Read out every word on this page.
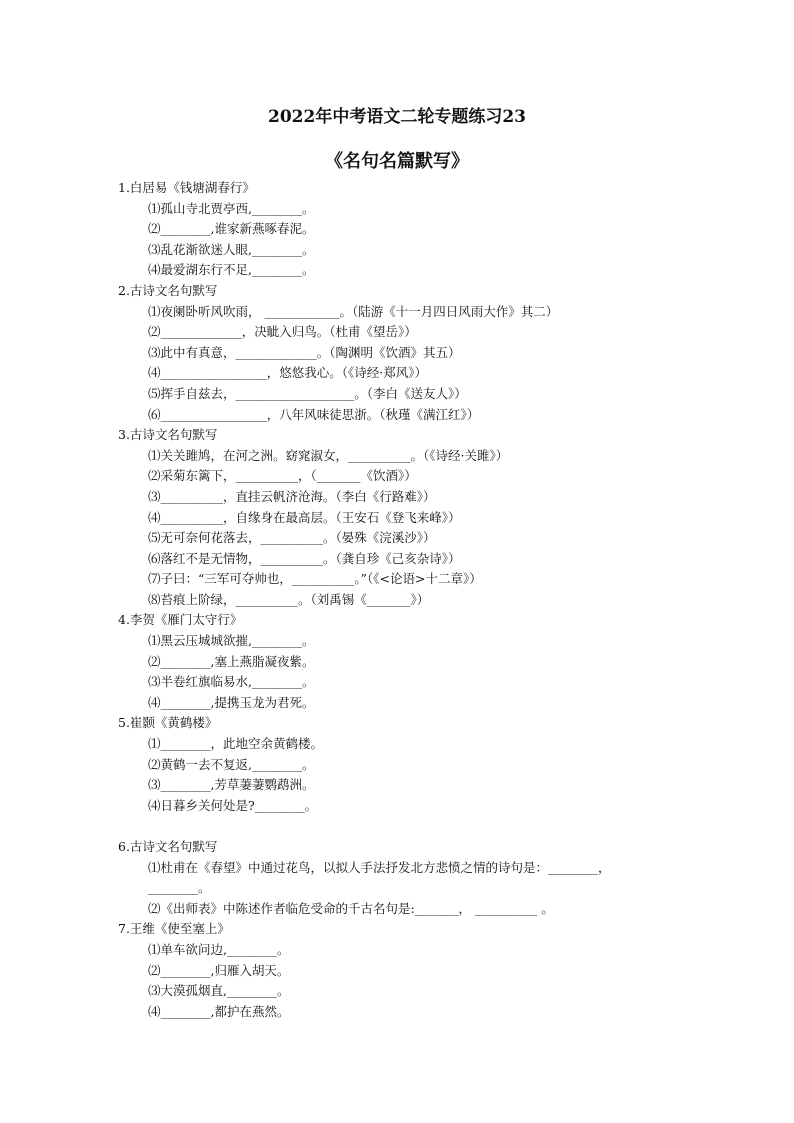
2022年中考语文二轮专题练习23
《名句名篇默写》
1.白居易《钱塘湖春行》
⑴孤山寺北贾亭西,________。
⑵________,谁家新燕啄春泥。
⑶乱花渐欲迷人眼,________。
⑷最爱湖东行不足,________。
2.古诗文名句默写
⑴夜阑卧听风吹雨， ____________。（陆游《十一月四日风雨大作》其二）
⑵_____________，决眦入归鸟。（杜甫《望岳》）
⑶此中有真意，_____________。（陶渊明《饮酒》其五）
⑷_________________，悠悠我心。（《诗经·郑风》）
⑸挥手自兹去，___________________。（李白《送友人》）
⑹_________________，八年风味徒思浙。（秋瑾《满江红》）
3.古诗文名句默写
⑴关关雎鸠，在河之洲。窈窕淑女，__________。（《诗经·关雎》）
⑵采菊东篱下，__________，（_______《饮酒》）
⑶__________，直挂云帆济沧海。（李白《行路难》）
⑷__________，自缘身在最高层。（王安石《登飞来峰》）
⑸无可奈何花落去，__________。（晏殊《浣溪沙》）
⑹落红不是无情物，__________。（龚自珍《己亥杂诗》）
⑺子曰：“三军可夺帅也，__________。”（《<论语>十二章》）
⑻苔痕上阶绿，__________。（刘禹锡《_______》）
4.李贺《雁门太守行》
⑴黑云压城城欲摧,________。
⑵________,塞上燕脂凝夜紫。
⑶半卷红旗临易水,________。
⑷________,提携玉龙为君死。
5.崔颢《黄鹤楼》
⑴________，此地空余黄鹤楼。
⑵黄鹤一去不复返,________。
⑶________,芳草萋萋鹦鹉洲。
⑷日暮乡关何处是?________。
6.古诗文名句默写
⑴杜甫在《春望》中通过花鸟，以拟人手法抒发北方悲愤之情的诗句是：________，
________。
⑵《出师表》中陈述作者临危受命的千古名句是:_______， __________ 。
7.王维《使至塞上》
⑴单车欲问边,________。
⑵________,归雁入胡天。
⑶大漠孤烟直,________。
⑷________,都护在燕然。
